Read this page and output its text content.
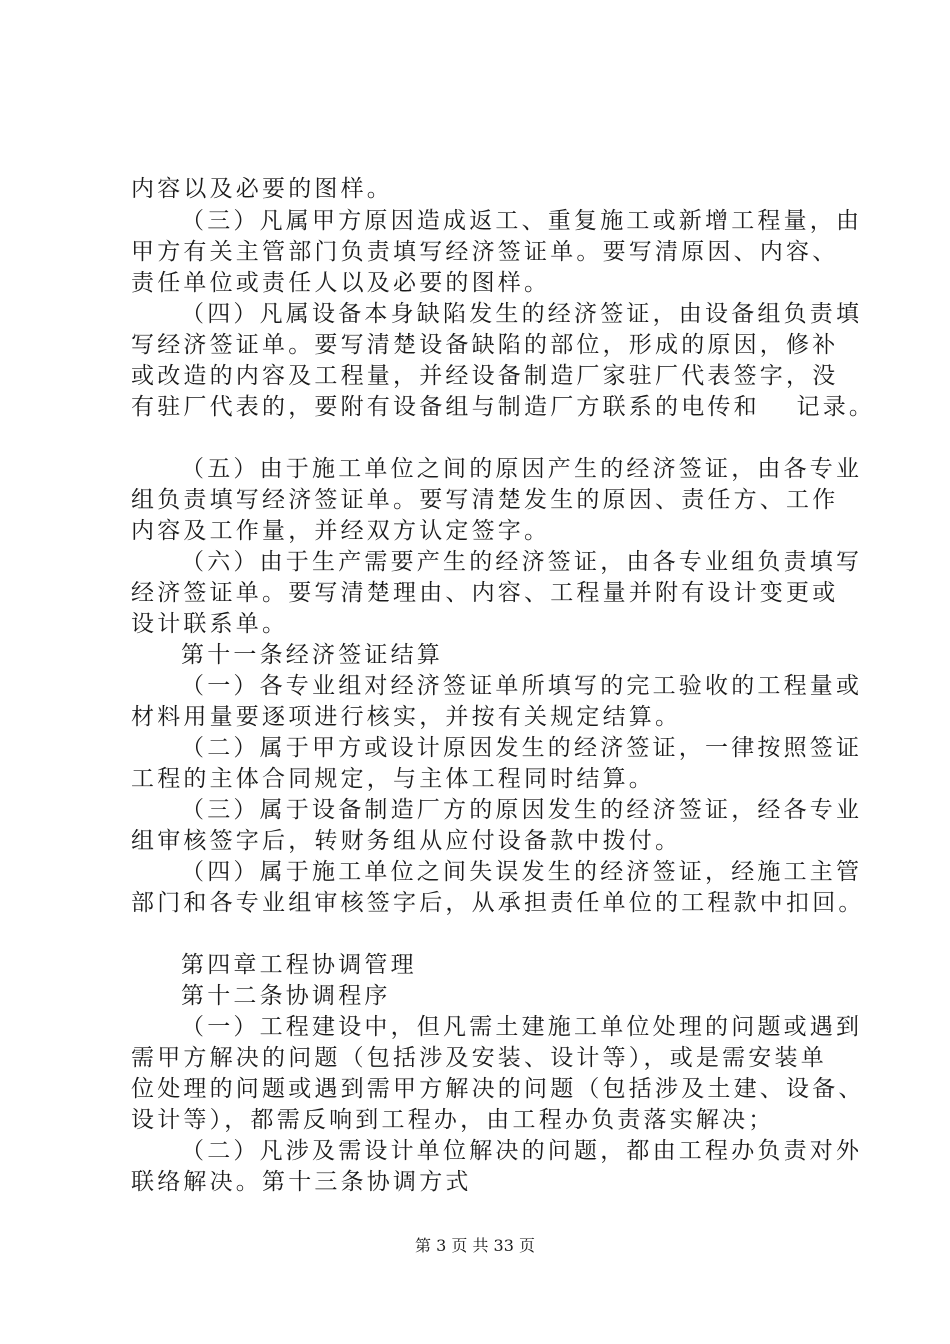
内容以及必要的图样。
（三）凡属甲方原因造成返工、重复施工或新增工程量，由
甲方有关主管部门负责填写经济签证单。要写清原因、内容、
责任单位或责任人以及必要的图样。
（四）凡属设备本身缺陷发生的经济签证，由设备组负责填
写经济签证单。要写清楚设备缺陷的部位，形成的原因，修补
或改造的内容及工程量，并经设备制造厂家驻厂代表签字，没
有驻厂代表的，要附有设备组与制造厂方联系的电传和　 记录。
（五）由于施工单位之间的原因产生的经济签证，由各专业
组负责填写经济签证单。要写清楚发生的原因、责任方、工作
内容及工作量，并经双方认定签字。
（六）由于生产需要产生的经济签证，由各专业组负责填写
经济签证单。要写清楚理由、内容、工程量并附有设计变更或
设计联系单。
第十一条经济签证结算
（一）各专业组对经济签证单所填写的完工验收的工程量或
材料用量要逐项进行核实，并按有关规定结算。
（二）属于甲方或设计原因发生的经济签证，一律按照签证
工程的主体合同规定，与主体工程同时结算。
（三）属于设备制造厂方的原因发生的经济签证，经各专业
组审核签字后，转财务组从应付设备款中拨付。
（四）属于施工单位之间失误发生的经济签证，经施工主管
部门和各专业组审核签字后，从承担责任单位的工程款中扣回。
第四章工程协调管理
第十二条协调程序
（一）工程建设中，但凡需土建施工单位处理的问题或遇到
需甲方解决的问题（包括涉及安装、设计等），或是需安装单
位处理的问题或遇到需甲方解决的问题（包括涉及土建、设备、
设计等），都需反响到工程办，由工程办负责落实解决；
（二）凡涉及需设计单位解决的问题，都由工程办负责对外
联络解决。第十三条协调方式
第 3 页 共 33 页
